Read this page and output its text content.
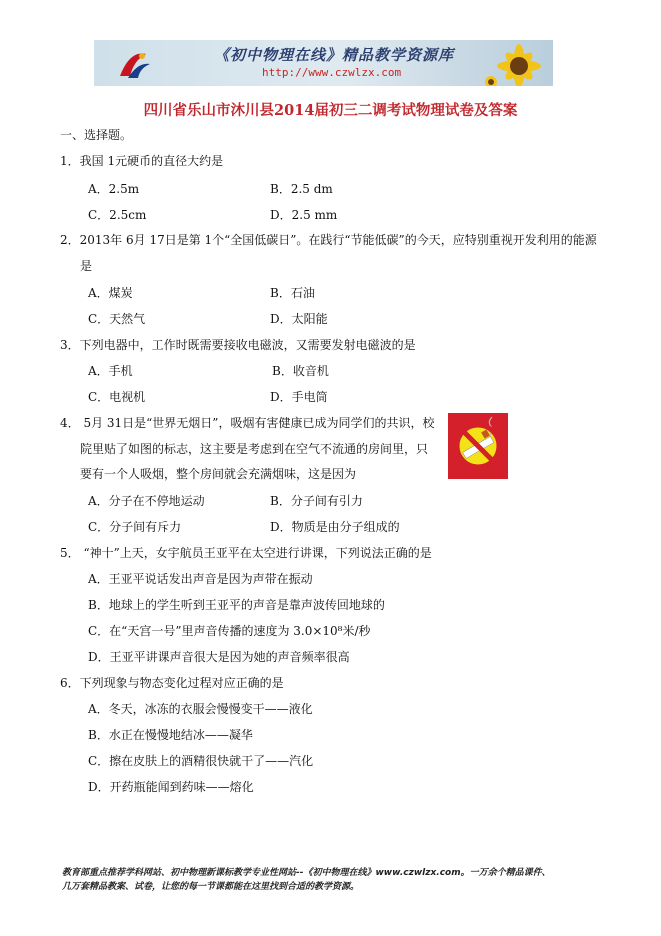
《初中物理在线》精品教学资源库
http://www.czwlzx.com
四川省乐山市沐川县2014届初三二调考试物理试卷及答案
一、选择题。
1．我国 1元硬币的直径大约是
A．2.5m	B．2.5 dm
C．2.5cm	D．2.5 mm
2．2013年 6月 17日是第 1个“全国低碳日”。在践行“节能低碳”的今天，应特别重视开发利用的能源
是
A．煤炭	B．石油
C．天然气	D．太阳能
3．下列电器中，工作时既需要接收电磁波，又需要发射电磁波的是
A．手机	B．收音机
C．电视机	D．手电筒
4． 5月 31日是“世界无烟日”，吸烟有害健康已成为同学们的共识，校
院里贴了如图的标志，这主要是考虑到在空气不流通的房间里，只
要有一个人吸烟，整个房间就会充满烟味，这是因为
A．分子在不停地运动	B．分子间有引力
C．分子间有斥力	D．物质是由分子组成的
5． “神十”上天，女宇航员王亚平在太空进行讲课，下列说法正确的是
A．王亚平说话发出声音是因为声带在振动
B．地球上的学生听到王亚平的声音是靠声波传回地球的
C．在“天宫一号”里声音传播的速度为 3.0×10⁸米/秒
D．王亚平讲课声音很大是因为她的声音频率很高
6．下列现象与物态变化过程对应正确的是
A．冬天，冰冻的衣服会慢慢变干——液化
B．水正在慢慢地结冰——凝华
C．擦在皮肤上的酒精很快就干了——汽化
D．开药瓶能闻到药味——熔化
教育部重点推荐学科网站、初中物理新课标教学专业性网站--《初中物理在线》www.czwlzx.com。一万余个精品课件、
几万套精品教案、试卷，让您的每一节课都能在这里找到合适的教学资源。
